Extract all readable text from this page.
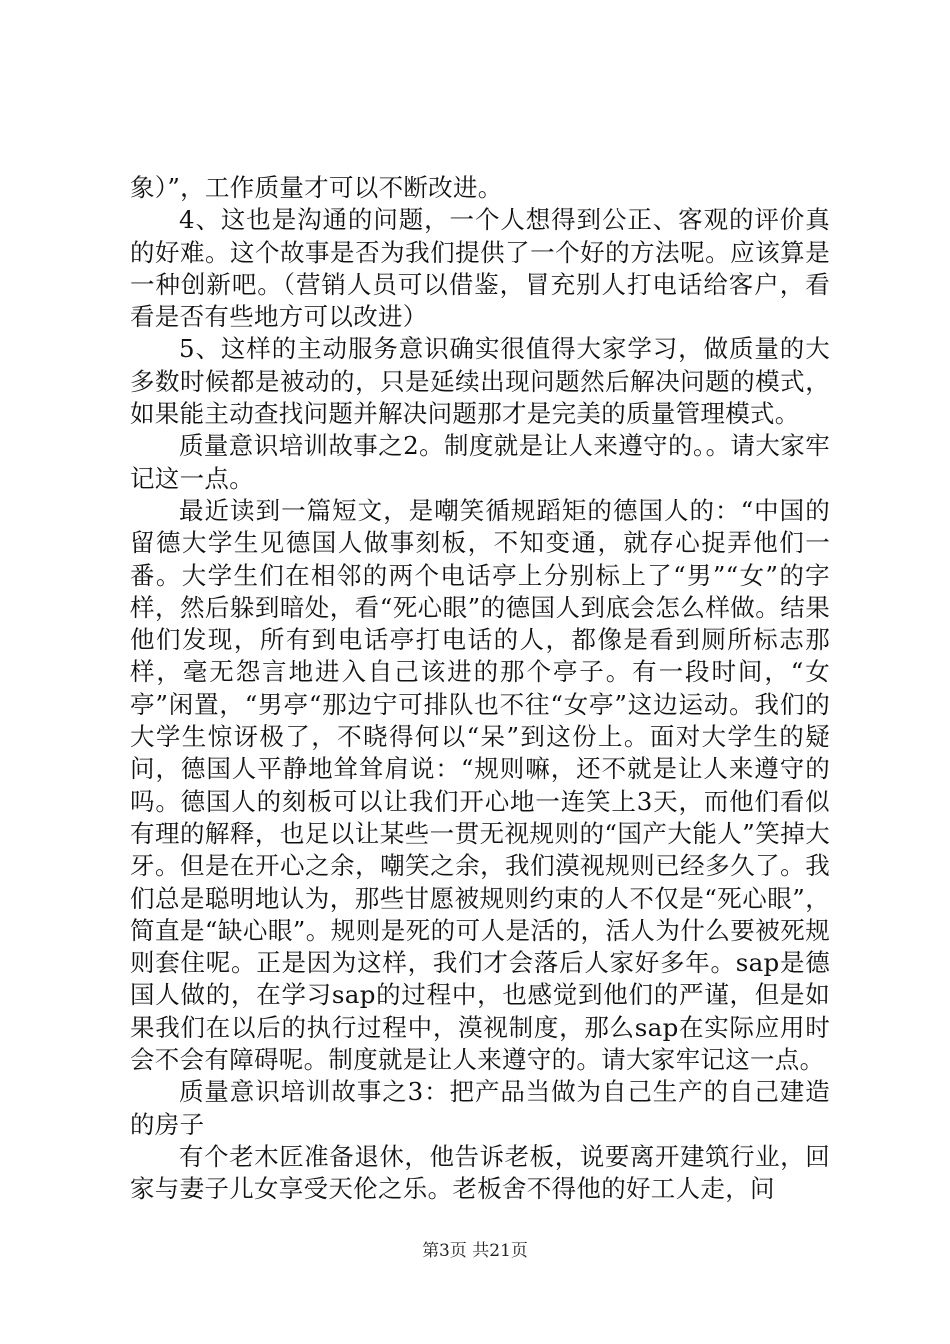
象）”，工作质量才可以不断改进。

4、这也是沟通的问题，一个人想得到公正、客观的评价真的好难。这个故事是否为我们提供了一个好的方法呢。应该算是一种创新吧。（营销人员可以借鉴，冒充别人打电话给客户，看看是否有些地方可以改进）

5、这样的主动服务意识确实很值得大家学习，做质量的大多数时候都是被动的，只是延续出现问题然后解决问题的模式，如果能主动查找问题并解决问题那才是完美的质量管理模式。

质量意识培训故事之2。制度就是让人来遵守的。。请大家牢记这一点。

最近读到一篇短文，是嘲笑循规蹈矩的德国人的：“中国的留德大学生见德国人做事刻板，不知变通，就存心捉弄他们一番。大学生们在相邻的两个电话亭上分别标上了“男”“女”的字样，然后躲到暗处，看“死心眼”的德国人到底会怎么样做。结果他们发现，所有到电话亭打电话的人，都像是看到厕所标志那样，毫无怨言地进入自己该进的那个亭子。有一段时间，“女亭”闲置，“男亭“那边宁可排队也不往“女亭”这边运动。我们的大学生惊讶极了，不晓得何以“呆”到这份上。面对大学生的疑问，德国人平静地耸耸肩说：“规则嘛，还不就是让人来遵守的吗。德国人的刻板可以让我们开心地一连笑上3天，而他们看似有理的解释，也足以让某些一贯无视规则的“国产大能人”笑掉大牙。但是在开心之余，嘲笑之余，我们漠视规则已经多久了。我们总是聪明地认为，那些甘愿被规则约束的人不仅是“死心眼”，简直是“缺心眼”。规则是死的可人是活的，活人为什么要被死规则套住呢。正是因为这样，我们才会落后人家好多年。sap是德国人做的，在学习sap的过程中，也感觉到他们的严谨，但是如果我们在以后的执行过程中，漠视制度，那么sap在实际应用时会不会有障碍呢。制度就是让人来遵守的。请大家牢记这一点。

质量意识培训故事之3：把产品当做为自己生产的自己建造的房子

有个老木匠准备退休，他告诉老板，说要离开建筑行业，回家与妻子儿女享受天伦之乐。老板舍不得他的好工人走，问

第3页 共21页
